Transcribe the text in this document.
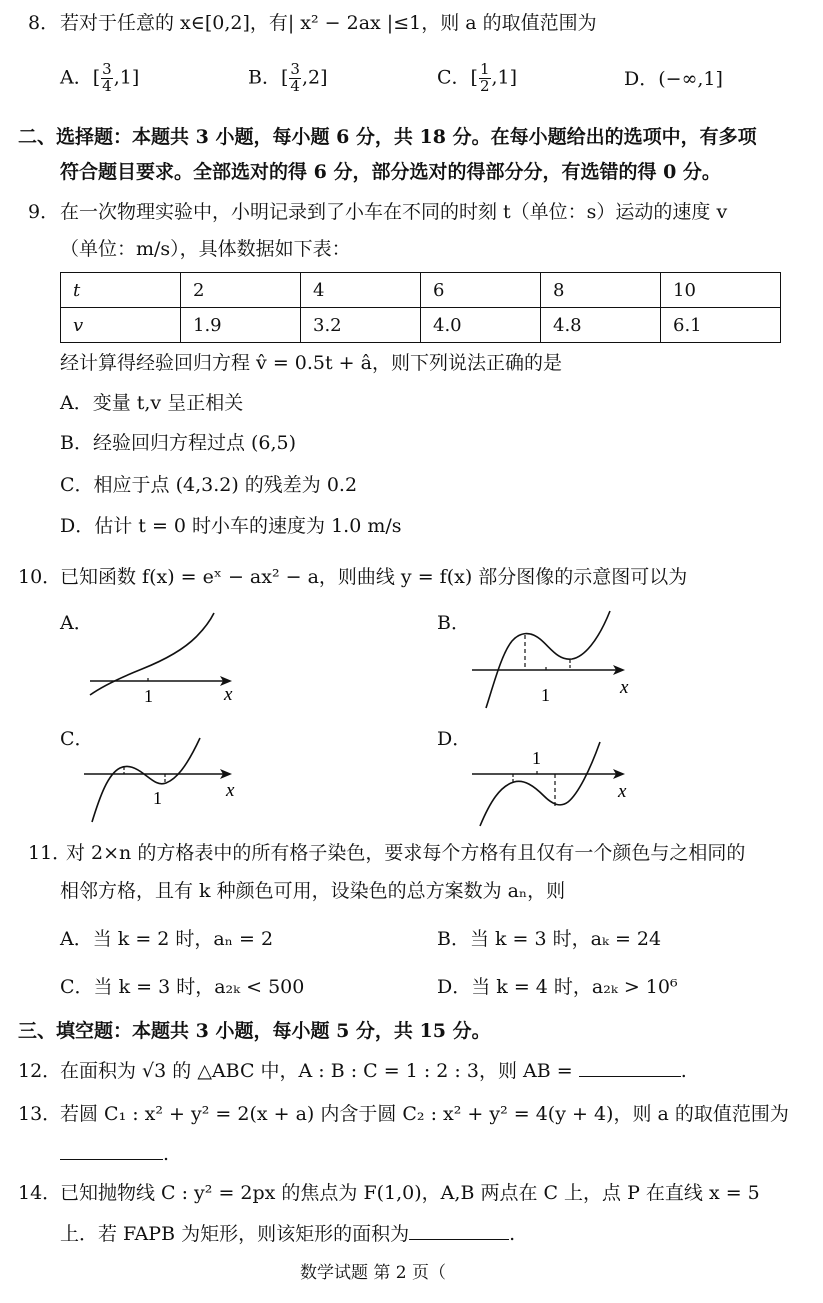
8． 若对于任意的 x∈[0,2]，有| x² − 2ax |≤1，则 a 的取值范围为
A．[ $\frac{3}{4} ,1$]	B．[ $\frac{3}{4} ,2$]	C．[ $\frac{1}{2} ,1$]	D．(−∞,1]
二、选择题：本题共 3 小题，每小题 6 分，共 18 分。在每小题给出的选项中，有多项
符合题目要求。全部选对的得 6 分，部分选对的得部分分，有选错的得 0 分。
9． 在一次物理实验中，小明记录到了小车在不同的时刻 t（单位：s）运动的速度 v
（单位：m/s），具体数据如下表：
t	2	4	6	8	10
v	1.9	3.2	4.0	4.8	6.1
经计算得经验回归方程 v̂ = 0.5t + â，则下列说法正确的是
A．变量 t,v 呈正相关
B．经验回归方程过点 (6,5)
C．相应于点 (4,3.2) 的残差为 0.2
D．估计 t = 0 时小车的速度为 1.0 m/s
10．
已知函数 f(x) = eˣ − ax² − a，则曲线 y = f(x) 部分图像的示意图可以为
A．
1	x
B．
1	x
C．
1	x
D．
1
x
11．
对 2×n 的方格表中的所有格子染色，要求每个方格有且仅有一个颜色与之相同的
相邻方格，且有 k 种颜色可用，设染色的总方案数为 aₙ，则
A．当 k = 2 时，aₙ = 2	B．当 k = 3 时，aₖ = 24
C．当 k = 3 时，a₂ₖ < 500	D．当 k = 4 时，a₂ₖ > 10⁶
三、填空题：本题共 3 小题，每小题 5 分，共 15 分。
12．
在面积为 √3 的 △ABC 中，A : B : C = 1 : 2 : 3，则 AB =	.
13．
若圆 C₁ : x² + y² = 2(x + a) 内含于圆 C₂ : x² + y² = 4(y + 4)，则 a 的取值范围为
.
14．
已知抛物线 C : y² = 2px 的焦点为 F(1,0)，A,B 两点在 C 上，点 P 在直线 x = 5
上．若 FAPB 为矩形，则该矩形的面积为	.
数学试题 第 2 页（
